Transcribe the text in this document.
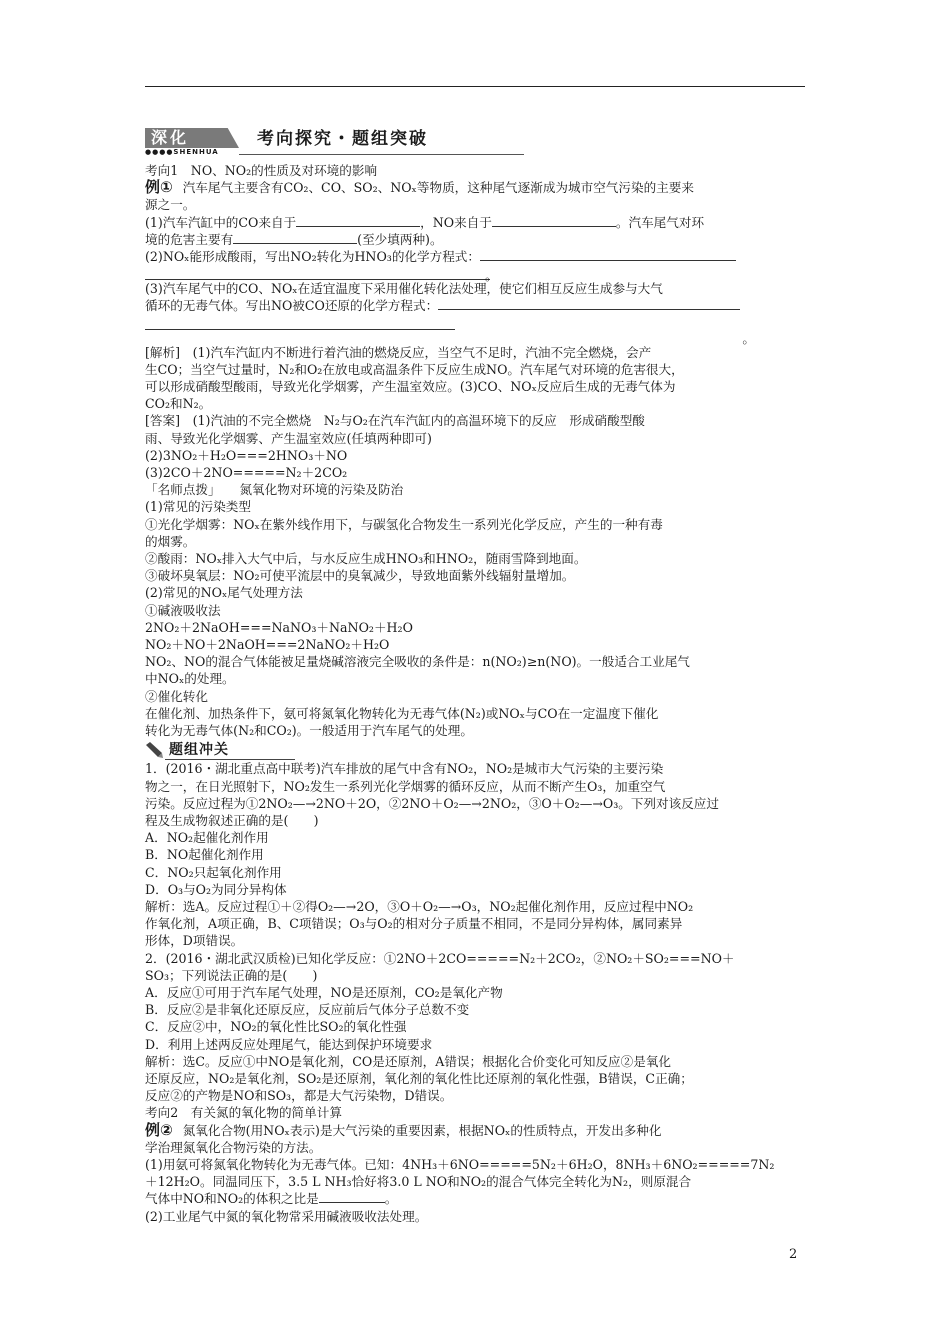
深化
●●●●SHENHUA
考向探究・题组突破

考向1　NO、NO₂的性质及对环境的影响

例① 汽车尾气主要含有CO₂、CO、SO₂、NOₓ等物质，这种尾气逐渐成为城市空气污染的主要来

源之一。

(1)汽车汽缸中的CO来自于	，NO来自于	。汽车尾气对环

境的危害主要有	(至少填两种)。

(2)NOₓ能形成酸雨，写出NO₂转化为HNO₃的化学方程式：

。

(3)汽车尾气中的CO、NOₓ在适宜温度下采用催化转化法处理，使它们相互反应生成参与大气

循环的无毒气体。写出NO被CO还原的化学方程式：

。

[解析]　(1)汽车汽缸内不断进行着汽油的燃烧反应，当空气不足时，汽油不完全燃烧，会产

生CO；当空气过量时，N₂和O₂在放电或高温条件下反应生成NO。汽车尾气对环境的危害很大，

可以形成硝酸型酸雨，导致光化学烟雾，产生温室效应。(3)CO、NOₓ反应后生成的无毒气体为

CO₂和N₂。

[答案]　(1)汽油的不完全燃烧　N₂与O₂在汽车汽缸内的高温环境下的反应　形成硝酸型酸

雨、导致光化学烟雾、产生温室效应(任填两种即可)

(2)3NO₂＋H₂O===2HNO₃＋NO

(3)2CO＋2NO=====N₂＋2CO₂

「名师点拨」　　氮氧化物对环境的污染及防治

(1)常见的污染类型

①光化学烟雾：NOₓ在紫外线作用下，与碳氢化合物发生一系列光化学反应，产生的一种有毒

的烟雾。

②酸雨：NOₓ排入大气中后，与水反应生成HNO₃和HNO₂，随雨雪降到地面。

③破坏臭氧层：NO₂可使平流层中的臭氧减少，导致地面紫外线辐射量增加。

(2)常见的NOₓ尾气处理方法

①碱液吸收法

2NO₂＋2NaOH===NaNO₃＋NaNO₂＋H₂O

NO₂＋NO＋2NaOH===2NaNO₂＋H₂O

NO₂、NO的混合气体能被足量烧碱溶液完全吸收的条件是：n(NO₂)≥n(NO)。一般适合工业尾气

中NOₓ的处理。

②催化转化

在催化剂、加热条件下，氨可将氮氧化物转化为无毒气体(N₂)或NOₓ与CO在一定温度下催化

转化为无毒气体(N₂和CO₂)。一般适用于汽车尾气的处理。

题组冲关

1．(2016・湖北重点高中联考)汽车排放的尾气中含有NO₂，NO₂是城市大气污染的主要污染

物之一，在日光照射下，NO₂发生一系列光化学烟雾的循环反应，从而不断产生O₃，加重空气

污染。反应过程为①2NO₂—→2NO＋2O，②2NO＋O₂—→2NO₂，③O＋O₂—→O₃。下列对该反应过

程及生成物叙述正确的是(　　)

A．NO₂起催化剂作用

B．NO起催化剂作用

C．NO₂只起氧化剂作用

D．O₃与O₂为同分异构体

解析：选A。反应过程①＋②得O₂—→2O，③O＋O₂—→O₃，NO₂起催化剂作用，反应过程中NO₂

作氧化剂，A项正确，B、C项错误；O₃与O₂的相对分子质量不相同，不是同分异构体，属同素异

形体，D项错误。

2．(2016・湖北武汉质检)已知化学反应：①2NO＋2CO=====N₂＋2CO₂，②NO₂＋SO₂===NO＋

SO₃；下列说法正确的是(　　)

A．反应①可用于汽车尾气处理，NO是还原剂，CO₂是氧化产物

B．反应②是非氧化还原反应，反应前后气体分子总数不变

C．反应②中，NO₂的氧化性比SO₂的氧化性强

D．利用上述两反应处理尾气，能达到保护环境要求

解析：选C。反应①中NO是氧化剂，CO是还原剂，A错误；根据化合价变化可知反应②是氧化

还原反应，NO₂是氧化剂，SO₂是还原剂，氧化剂的氧化性比还原剂的氧化性强，B错误，C正确；

反应②的产物是NO和SO₃，都是大气污染物，D错误。

考向2　有关氮的氧化物的简单计算

例② 氮氧化合物(用NOₓ表示)是大气污染的重要因素，根据NOₓ的性质特点，开发出多种化

学治理氮氧化合物污染的方法。

(1)用氨可将氮氧化物转化为无毒气体。已知：4NH₃＋6NO=====5N₂＋6H₂O，8NH₃＋6NO₂=====7N₂

＋12H₂O。同温同压下，3.5 L NH₃恰好将3.0 L NO和NO₂的混合气体完全转化为N₂，则原混合

气体中NO和NO₂的体积之比是	。

(2)工业尾气中氮的氧化物常采用碱液吸收法处理。

2
